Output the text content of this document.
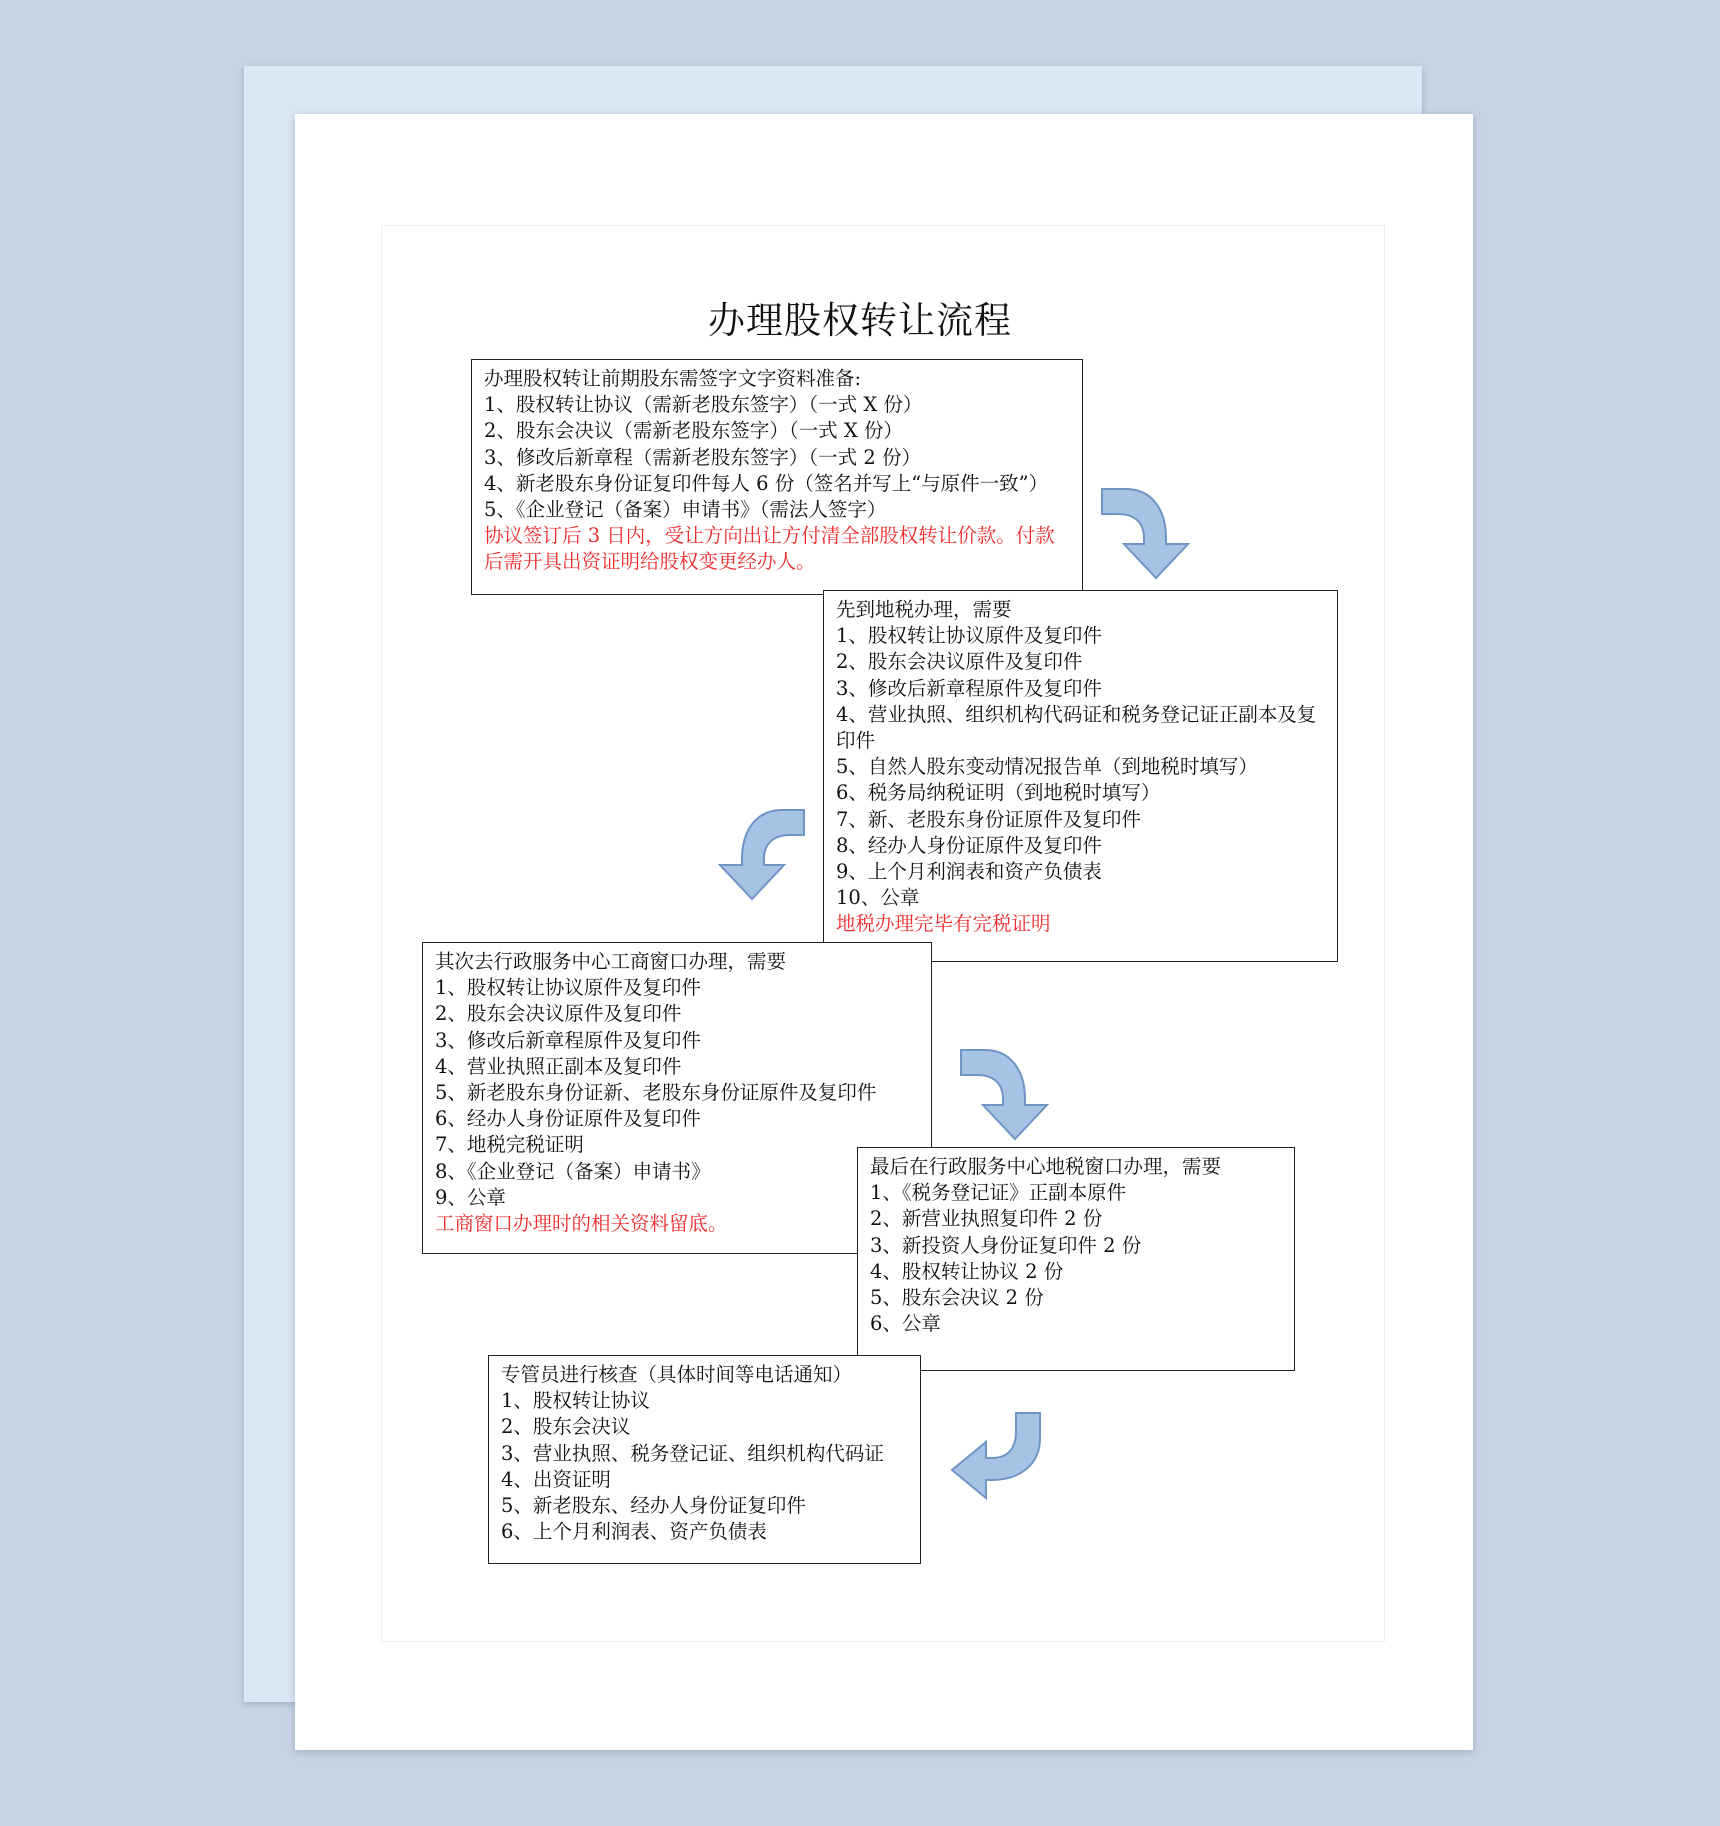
办理股权转让流程
办理股权转让前期股东需签字文字资料准备:
1、股权转让协议（需新老股东签字）（一式 X 份）
2、股东会决议（需新老股东签字）（一式 X 份）
3、修改后新章程（需新老股东签字）（一式 2 份）
4、新老股东身份证复印件每人 6 份（签名并写上“与原件一致”）
5、《企业登记（备案）申请书》（需法人签字）
协议签订后 3 日内，受让方向出让方付清全部股权转让价款。付款后需开具出资证明给股权变更经办人。
先到地税办理，需要
1、股权转让协议原件及复印件
2、股东会决议原件及复印件
3、修改后新章程原件及复印件
4、营业执照、组织机构代码证和税务登记证正副本及复印件
5、自然人股东变动情况报告单（到地税时填写）
6、税务局纳税证明（到地税时填写）
7、新、老股东身份证原件及复印件
8、经办人身份证原件及复印件
9、上个月利润表和资产负债表
10、公章
地税办理完毕有完税证明
其次去行政服务中心工商窗口办理，需要
1、股权转让协议原件及复印件
2、股东会决议原件及复印件
3、修改后新章程原件及复印件
4、营业执照正副本及复印件
5、新老股东身份证新、老股东身份证原件及复印件
6、经办人身份证原件及复印件
7、地税完税证明
8、《企业登记（备案）申请书》
9、公章
工商窗口办理时的相关资料留底。
最后在行政服务中心地税窗口办理，需要
1、《税务登记证》正副本原件
2、新营业执照复印件 2 份
3、新投资人身份证复印件 2 份
4、股权转让协议 2 份
5、股东会决议 2 份
6、公章
专管员进行核查（具体时间等电话通知）
1、股权转让协议
2、股东会决议
3、营业执照、税务登记证、组织机构代码证
4、出资证明
5、新老股东、经办人身份证复印件
6、上个月利润表、资产负债表
